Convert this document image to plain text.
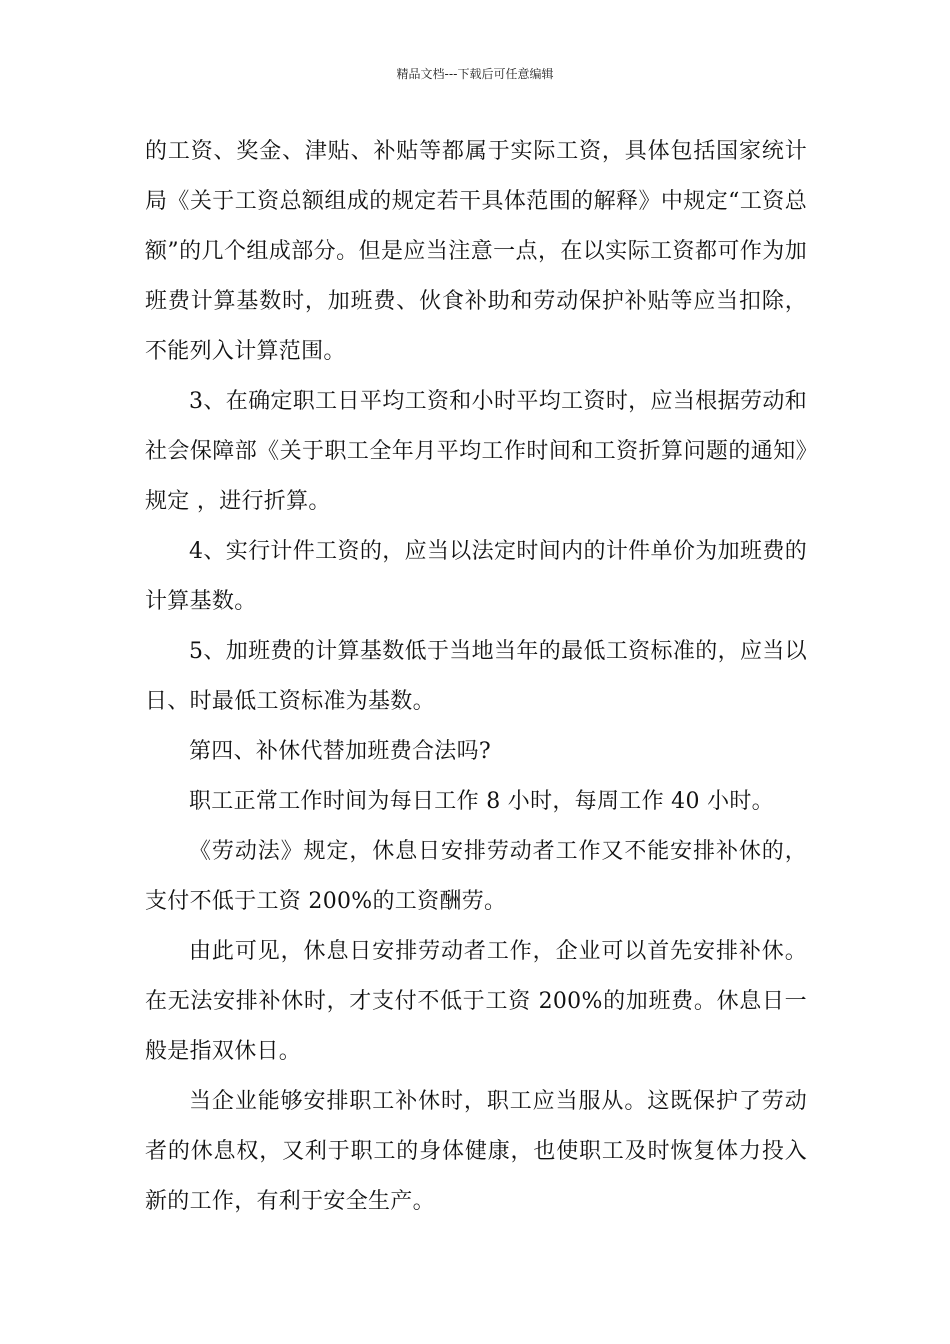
精品文档---下载后可任意编辑

的工资、奖金、津贴、补贴等都属于实际工资，具体包括国家统计局《关于工资总额组成的规定若干具体范围的解释》中规定“工资总额”的几个组成部分。但是应当注意一点，在以实际工资都可作为加班费计算基数时，加班费、伙食补助和劳动保护补贴等应当扣除，不能列入计算范围。

3、在确定职工日平均工资和小时平均工资时，应当根据劳动和社会保障部《关于职工全年月平均工作时间和工资折算问题的通知》规定 ，进行折算。

4、实行计件工资的，应当以法定时间内的计件单价为加班费的计算基数。

5、加班费的计算基数低于当地当年的最低工资标准的，应当以日、时最低工资标准为基数。

第四、补休代替加班费合法吗?

职工正常工作时间为每日工作 8 小时，每周工作 40 小时。

《劳动法》规定，休息日安排劳动者工作又不能安排补休的，支付不低于工资 200%的工资酬劳。

由此可见，休息日安排劳动者工作，企业可以首先安排补休。在无法安排补休时，才支付不低于工资 200%的加班费。休息日一般是指双休日。

当企业能够安排职工补休时，职工应当服从。这既保护了劳动者的休息权，又利于职工的身体健康，也使职工及时恢复体力投入新的工作，有利于安全生产。
